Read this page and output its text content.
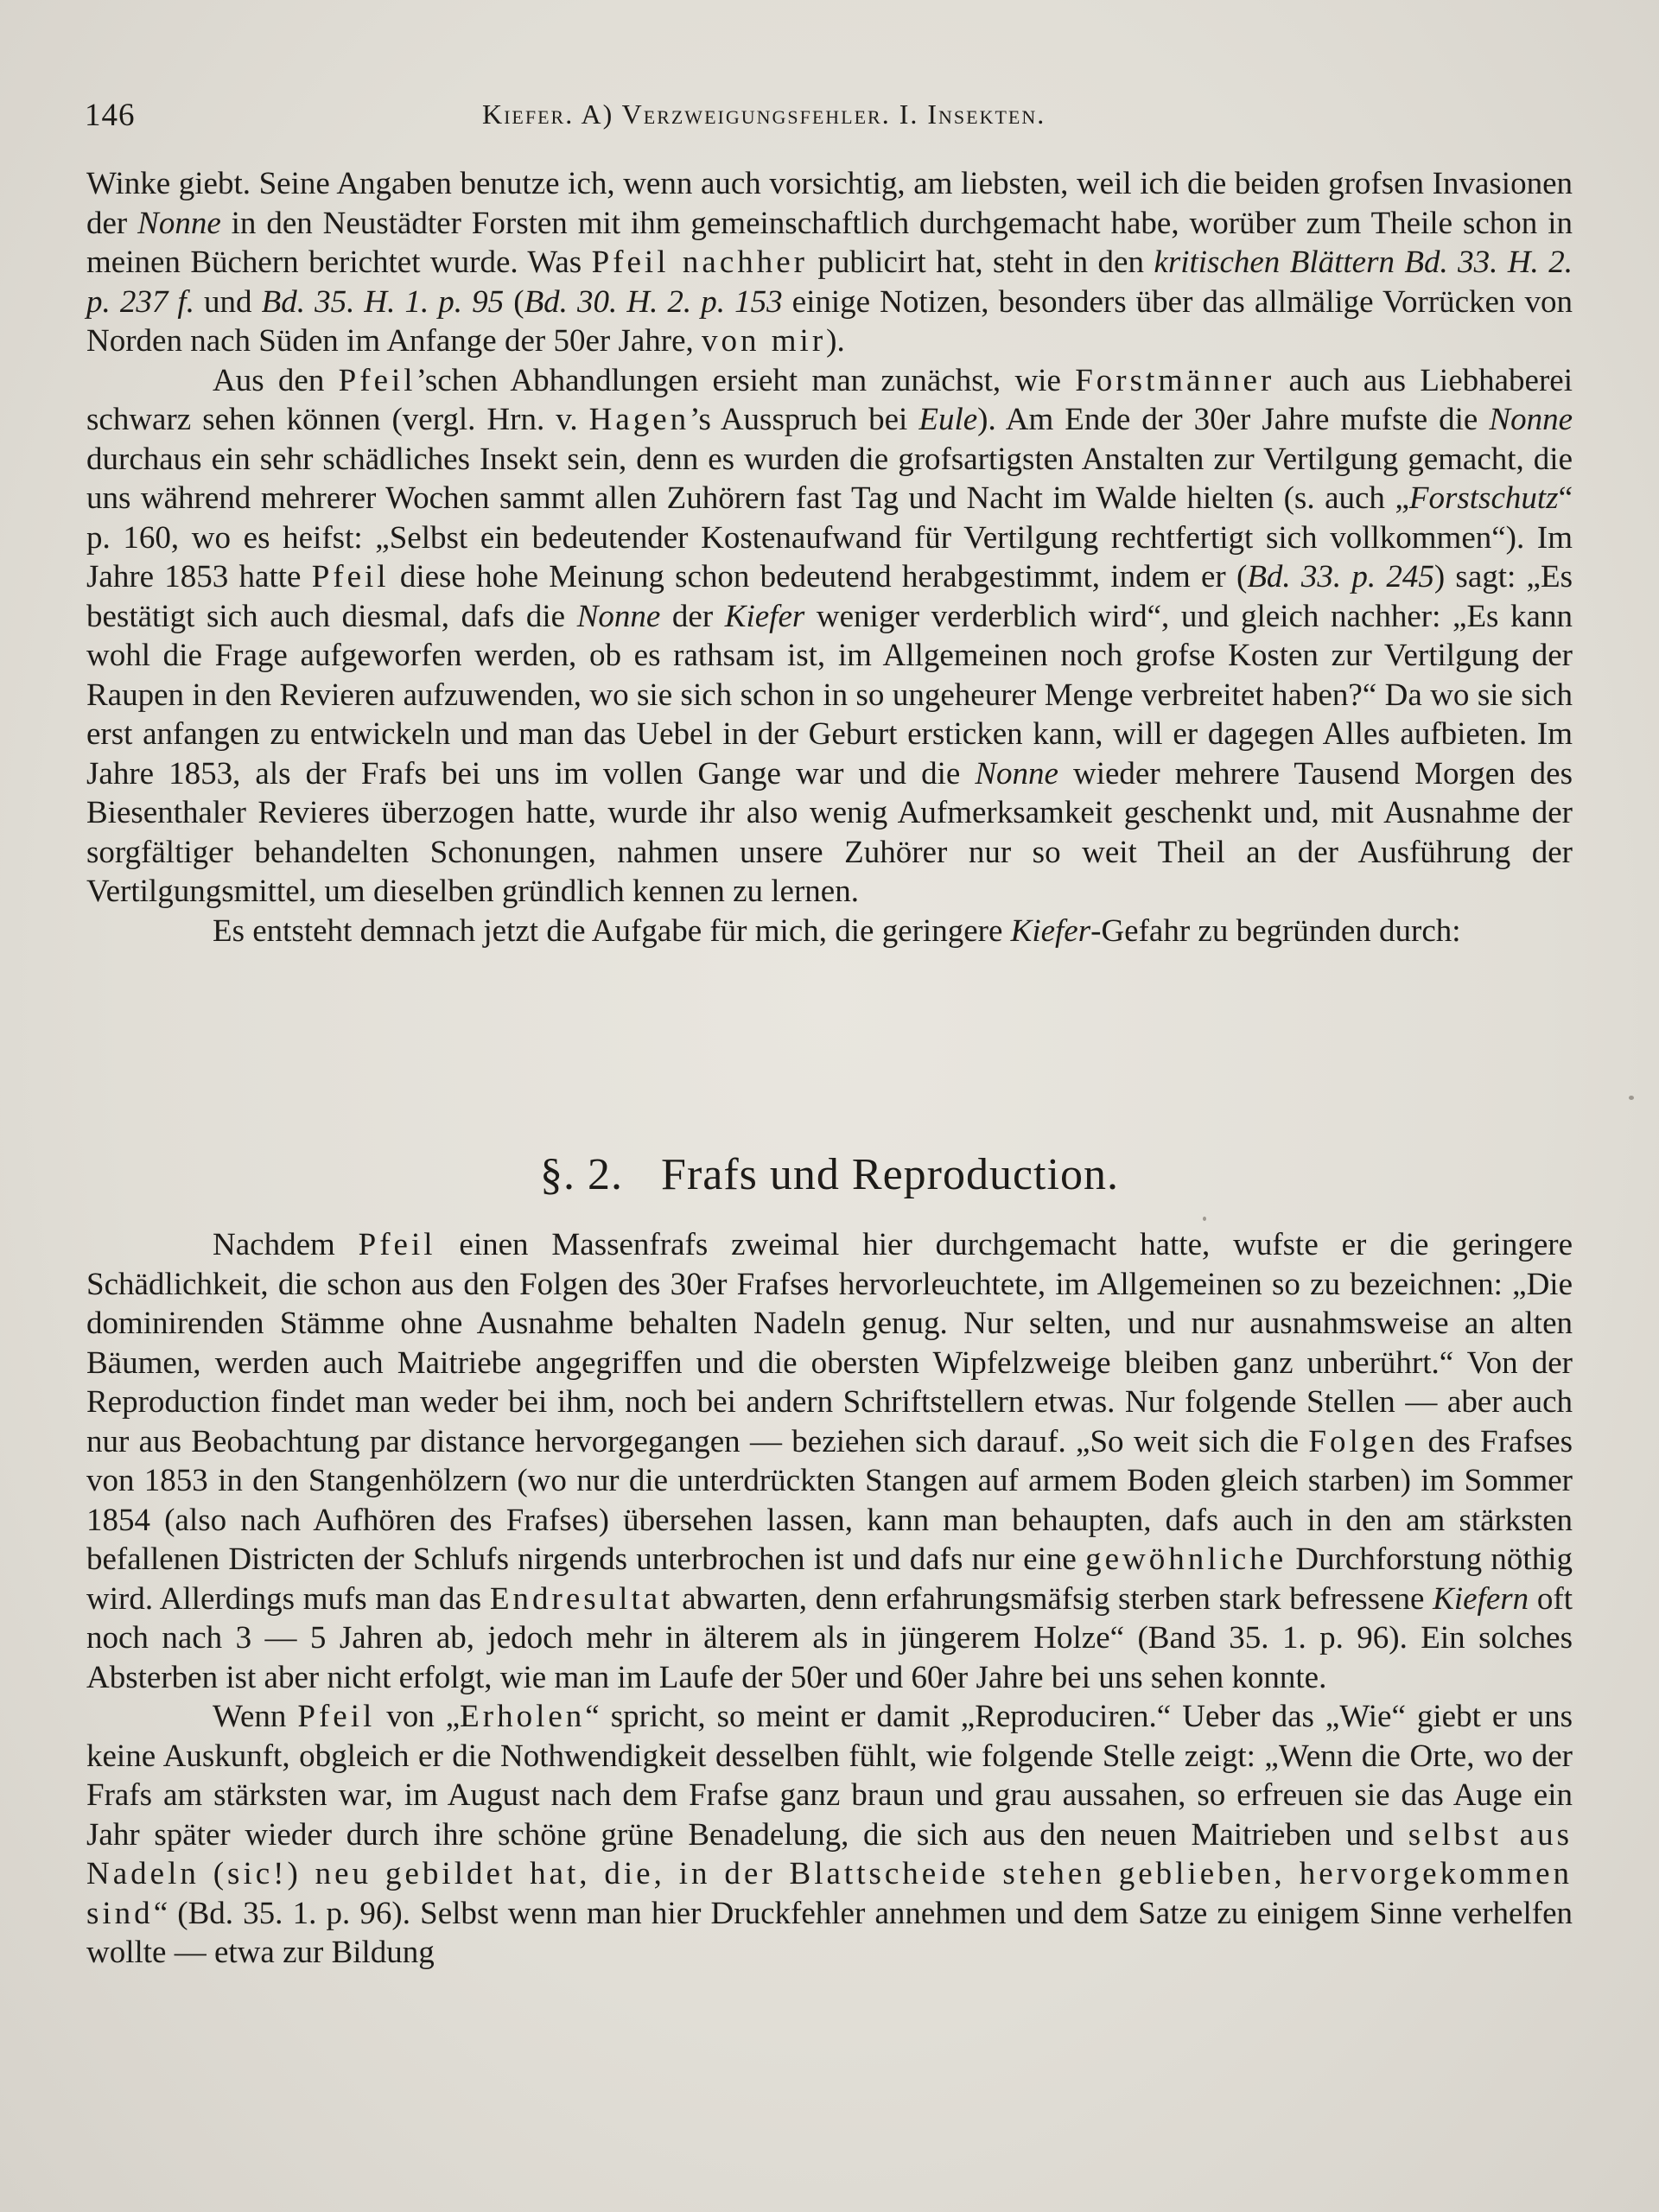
146	Kiefer. A) Verzweigungsfehler. I. Insekten.

Winke giebt. Seine Angaben benutze ich, wenn auch vorsichtig, am liebsten, weil ich die beiden grofsen Invasionen der Nonne in den Neustädter Forsten mit ihm gemeinschaftlich durchgemacht habe, worüber zum Theile schon in meinen Büchern berichtet wurde. Was Pfeil nachher publicirt hat, steht in den kritischen Blättern Bd. 33. H. 2. p. 237 f. und Bd. 35. H. 1. p. 95 (Bd. 30. H. 2. p. 153 einige Notizen, besonders über das allmälige Vorrücken von Norden nach Süden im Anfange der 50er Jahre, von mir).

Aus den Pfeil’schen Abhandlungen ersieht man zunächst, wie Forstmänner auch aus Liebhaberei schwarz sehen können (vergl. Hrn. v. Hagen’s Ausspruch bei Eule). Am Ende der 30er Jahre mufste die Nonne durchaus ein sehr schädliches Insekt sein, denn es wurden die grofsartigsten Anstalten zur Vertilgung gemacht, die uns während mehrerer Wochen sammt allen Zuhörern fast Tag und Nacht im Walde hielten (s. auch „Forstschutz“ p. 160, wo es heifst: „Selbst ein bedeutender Kostenaufwand für Vertilgung rechtfertigt sich vollkommen“). Im Jahre 1853 hatte Pfeil diese hohe Meinung schon bedeutend herabgestimmt, indem er (Bd. 33. p. 245) sagt: „Es bestätigt sich auch diesmal, dafs die Nonne der Kiefer weniger verderblich wird“, und gleich nachher: „Es kann wohl die Frage aufgeworfen werden, ob es rathsam ist, im Allgemeinen noch grofse Kosten zur Vertilgung der Raupen in den Revieren aufzuwenden, wo sie sich schon in so ungeheurer Menge verbreitet haben?“ Da wo sie sich erst anfangen zu entwickeln und man das Uebel in der Geburt ersticken kann, will er dagegen Alles aufbieten. Im Jahre 1853, als der Frafs bei uns im vollen Gange war und die Nonne wieder mehrere Tausend Morgen des Biesenthaler Revieres überzogen hatte, wurde ihr also wenig Aufmerksamkeit geschenkt und, mit Ausnahme der sorgfältiger behandelten Schonungen, nahmen unsere Zuhörer nur so weit Theil an der Ausführung der Vertilgungsmittel, um dieselben gründlich kennen zu lernen.

Es entsteht demnach jetzt die Aufgabe für mich, die geringere Kiefer-Gefahr zu begründen durch:

§. 2. Frafs und Reproduction.

Nachdem Pfeil einen Massenfrafs zweimal hier durchgemacht hatte, wufste er die geringere Schädlichkeit, die schon aus den Folgen des 30er Frafses hervorleuchtete, im Allgemeinen so zu bezeichnen: „Die dominirenden Stämme ohne Ausnahme behalten Nadeln genug. Nur selten, und nur ausnahmsweise an alten Bäumen, werden auch Maitriebe angegriffen und die obersten Wipfelzweige bleiben ganz unberührt.“ Von der Reproduction findet man weder bei ihm, noch bei andern Schriftstellern etwas. Nur folgende Stellen — aber auch nur aus Beobachtung par distance hervorgegangen — beziehen sich darauf. „So weit sich die Folgen des Frafses von 1853 in den Stangenhölzern (wo nur die unterdrückten Stangen auf armem Boden gleich starben) im Sommer 1854 (also nach Aufhören des Frafses) übersehen lassen, kann man behaupten, dafs auch in den am stärksten befallenen Districten der Schlufs nirgends unterbrochen ist und dafs nur eine gewöhnliche Durchforstung nöthig wird. Allerdings mufs man das Endresultat abwarten, denn erfahrungsmäfsig sterben stark befressene Kiefern oft noch nach 3 — 5 Jahren ab, jedoch mehr in älterem als in jüngerem Holze“ (Band 35. 1. p. 96). Ein solches Absterben ist aber nicht erfolgt, wie man im Laufe der 50er und 60er Jahre bei uns sehen konnte.

Wenn Pfeil von „Erholen“ spricht, so meint er damit „Reproduciren.“ Ueber das „Wie“ giebt er uns keine Auskunft, obgleich er die Nothwendigkeit desselben fühlt, wie folgende Stelle zeigt: „Wenn die Orte, wo der Frafs am stärksten war, im August nach dem Frafse ganz braun und grau aussahen, so erfreuen sie das Auge ein Jahr später wieder durch ihre schöne grüne Benadelung, die sich aus den neuen Maitrieben und selbst aus Nadeln (sic!) neu gebildet hat, die, in der Blattscheide stehen geblieben, hervorgekommen sind“ (Bd. 35. 1. p. 96). Selbst wenn man hier Druckfehler annehmen und dem Satze zu einigem Sinne verhelfen wollte — etwa zur Bildung
